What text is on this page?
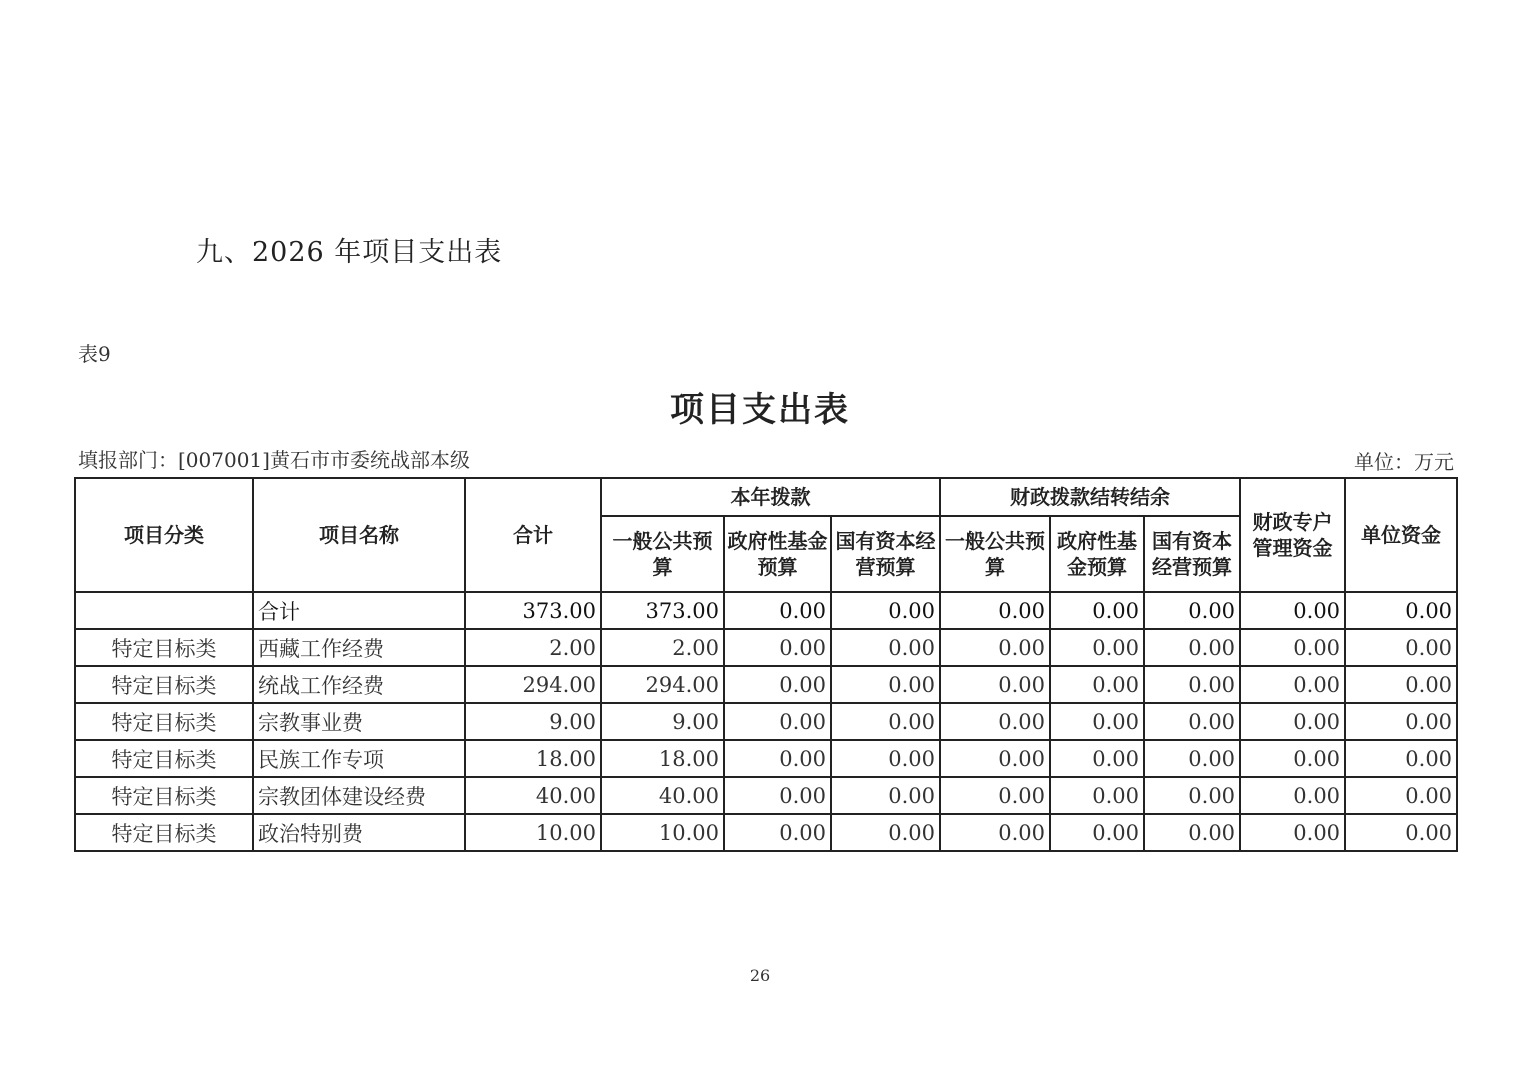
九、2026 年项目支出表
表9
项目支出表
填报部门：[007001]黄石市市委统战部本级	单位：万元
项目分类	项目名称	合计	本年拨款			财政拨款结转结余			财政专户管理资金	单位资金
			一般公共预算	政府性基金预算	国有资本经营预算	一般公共预算	政府性基金预算	国有资本经营预算		
	合计	373.00	373.00	0.00	0.00	0.00	0.00	0.00	0.00	0.00
特定目标类	西藏工作经费	2.00	2.00	0.00	0.00	0.00	0.00	0.00	0.00	0.00
特定目标类	统战工作经费	294.00	294.00	0.00	0.00	0.00	0.00	0.00	0.00	0.00
特定目标类	宗教事业费	9.00	9.00	0.00	0.00	0.00	0.00	0.00	0.00	0.00
特定目标类	民族工作专项	18.00	18.00	0.00	0.00	0.00	0.00	0.00	0.00	0.00
特定目标类	宗教团体建设经费	40.00	40.00	0.00	0.00	0.00	0.00	0.00	0.00	0.00
特定目标类	政治特别费	10.00	10.00	0.00	0.00	0.00	0.00	0.00	0.00	0.00
26
